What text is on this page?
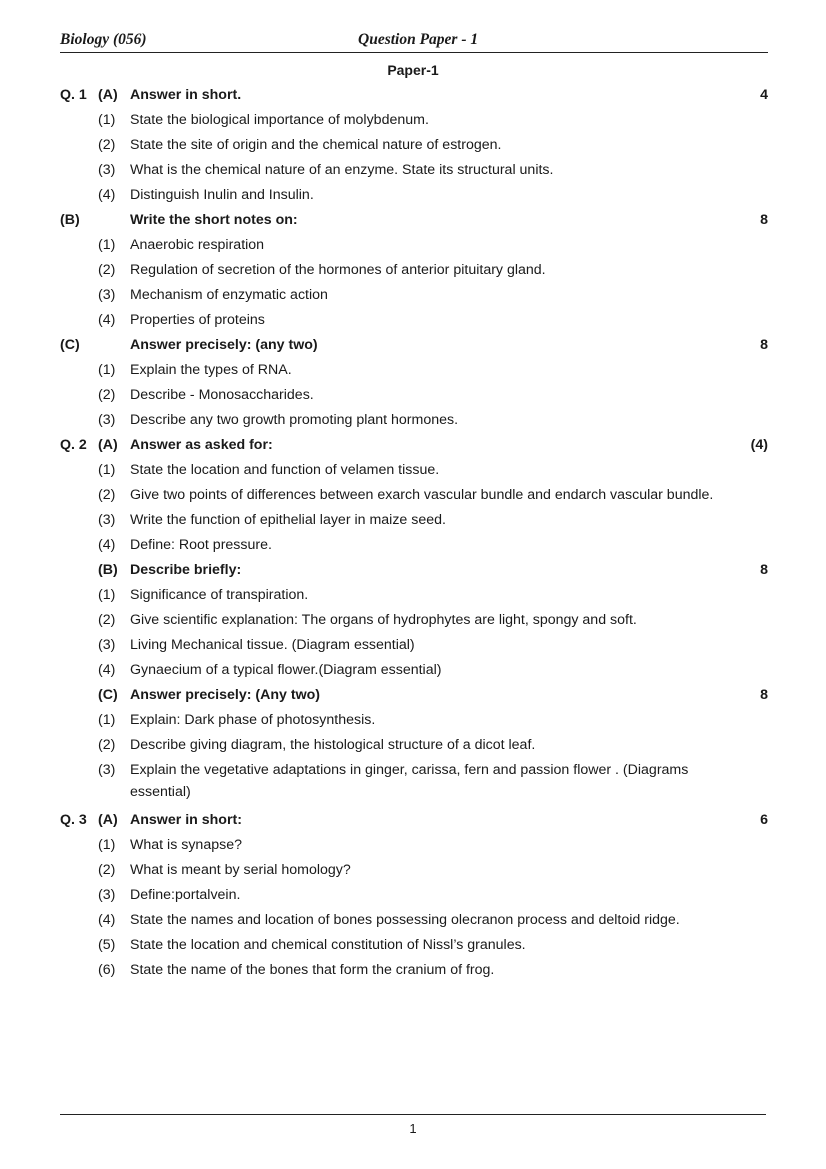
Biology (056)	Question Paper - 1
Paper-1
Q. 1 (A) Answer in short.	4
(1) State the biological importance of molybdenum.
(2) State the site of origin and the chemical nature of estrogen.
(3) What is the chemical nature of an enzyme. State its structural units.
(4) Distinguish Inulin and Insulin.
(B)	Write the short notes on:	8
(1) Anaerobic respiration
(2) Regulation of secretion of the hormones of anterior pituitary gland.
(3) Mechanism of enzymatic action
(4) Properties of proteins
(C)	Answer precisely: (any two)	8
(1) Explain the types of RNA.
(2) Describe - Monosaccharides.
(3) Describe any two growth promoting plant hormones.
Q. 2 (A) Answer as asked for:	(4)
(1) State the location and function of velamen tissue.
(2) Give two points of differences between exarch vascular bundle and endarch vascular bundle.
(3) Write the function of epithelial layer in maize seed.
(4) Define: Root pressure.
(B) Describe briefly:	8
(1) Significance of transpiration.
(2) Give scientific explanation: The organs of hydrophytes are light, spongy and soft.
(3) Living Mechanical tissue. (Diagram essential)
(4) Gynaecium of a typical flower.(Diagram essential)
(C) Answer precisely: (Any two)	8
(1) Explain: Dark phase of photosynthesis.
(2) Describe giving diagram, the histological structure of a dicot leaf.
(3) Explain the vegetative adaptations in ginger, carissa, fern and passion flower . (Diagrams essential)
Q. 3 (A) Answer in short:	6
(1) What is synapse?
(2) What is meant by serial homology?
(3) Define:portalvein.
(4) State the names and location of bones possessing olecranon process and deltoid ridge.
(5) State the location and chemical constitution of Nissl’s granules.
(6) State the name of the bones that form the cranium of frog.
1
